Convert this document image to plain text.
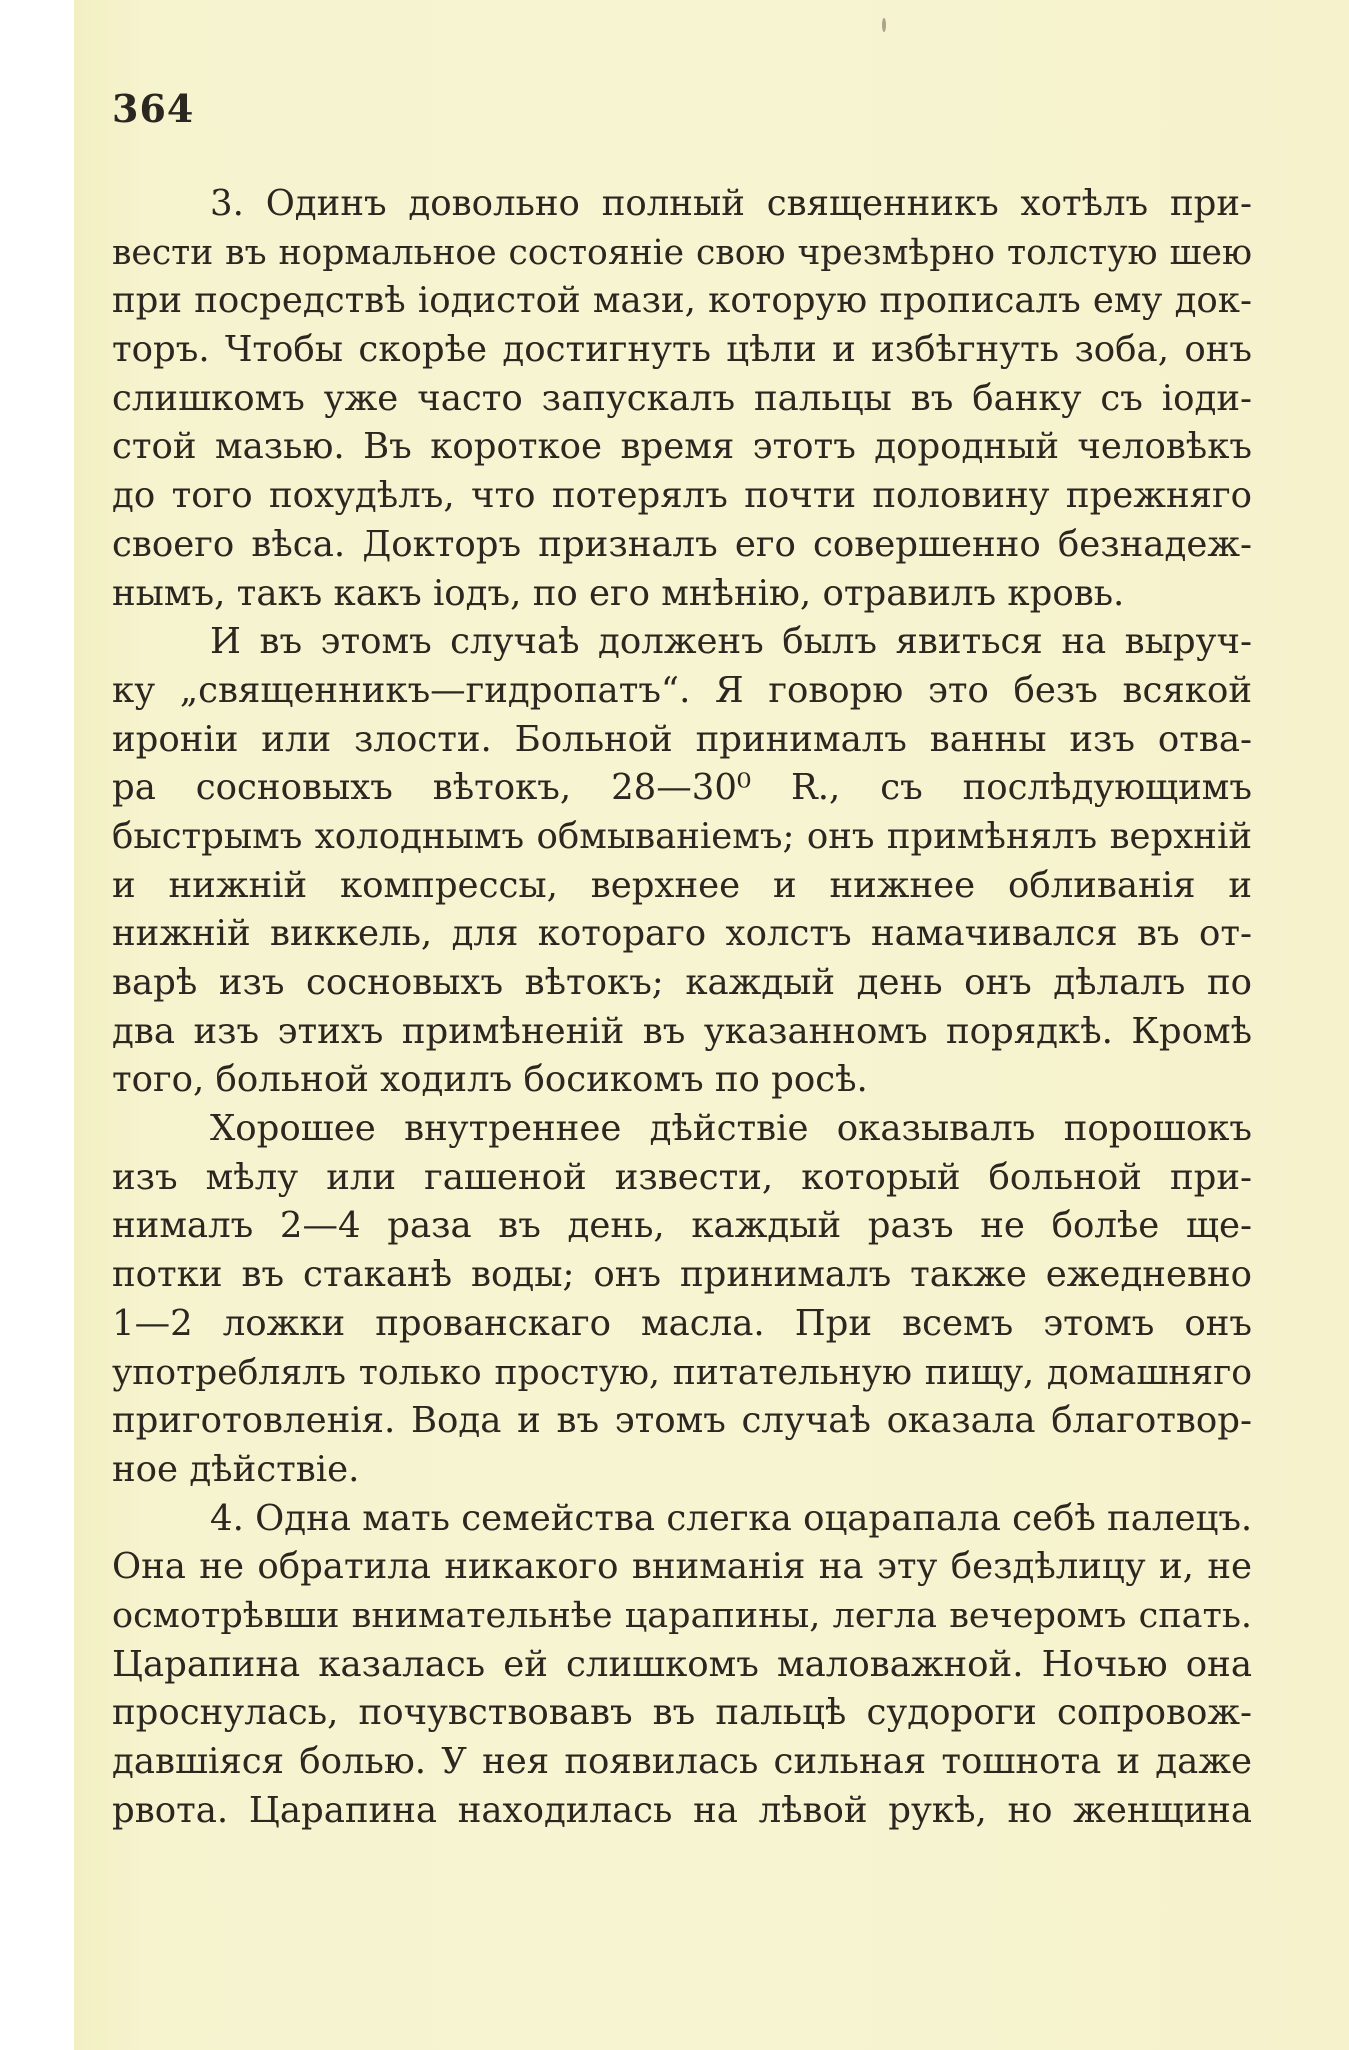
364
3. Одинъ довольно полный священникъ хотѣлъ при-
вести въ нормальное состояніе свою чрезмѣрно толстую шею
при посредствѣ іодистой мази, которую прописалъ ему док-
торъ. Чтобы скорѣе достигнуть цѣли и избѣгнуть зоба, онъ
слишкомъ уже часто запускалъ пальцы въ банку съ іоди-
стой мазью. Въ короткое время этотъ дородный человѣкъ
до того похудѣлъ, что потерялъ почти половину прежняго
своего вѣса. Докторъ призналъ его совершенно безнадеж-
нымъ, такъ какъ іодъ, по его мнѣнію, отравилъ кровь.
И въ этомъ случаѣ долженъ былъ явиться на выруч-
ку „священникъ—гидропатъ“. Я говорю это безъ всякой
ироніи или злости. Больной принималъ ванны изъ отва-
ра сосновыхъ вѣтокъ, 28—30⁰ R., съ послѣдующимъ
быстрымъ холоднымъ обмываніемъ; онъ примѣнялъ верхній
и нижній компрессы, верхнее и нижнее обливанія и
нижній виккель, для котораго холстъ намачивался въ от-
варѣ изъ сосновыхъ вѣтокъ; каждый день онъ дѣлалъ по
два изъ этихъ примѣненій въ указанномъ порядкѣ. Кромѣ
того, больной ходилъ босикомъ по росѣ.
Хорошее внутреннее дѣйствіе оказывалъ порошокъ
изъ мѣлу или гашеной извести, который больной при-
нималъ 2—4 раза въ день, каждый разъ не болѣе ще-
потки въ стаканѣ воды; онъ принималъ также ежедневно
1—2 ложки прованскаго масла. При всемъ этомъ онъ
употреблялъ только простую, питательную пищу, домашняго
приготовленія. Вода и въ этомъ случаѣ оказала благотвор-
ное дѣйствіе.
4. Одна мать семейства слегка оцарапала себѣ палецъ.
Она не обратила никакого вниманія на эту бездѣлицу и, не
осмотрѣвши внимательнѣе царапины, легла вечеромъ спать.
Царапина казалась ей слишкомъ маловажной. Ночью она
проснулась, почувствовавъ въ пальцѣ судороги сопровож-
давшіяся болью. У нея появилась сильная тошнота и даже
рвота. Царапина находилась на лѣвой рукѣ, но женщина
